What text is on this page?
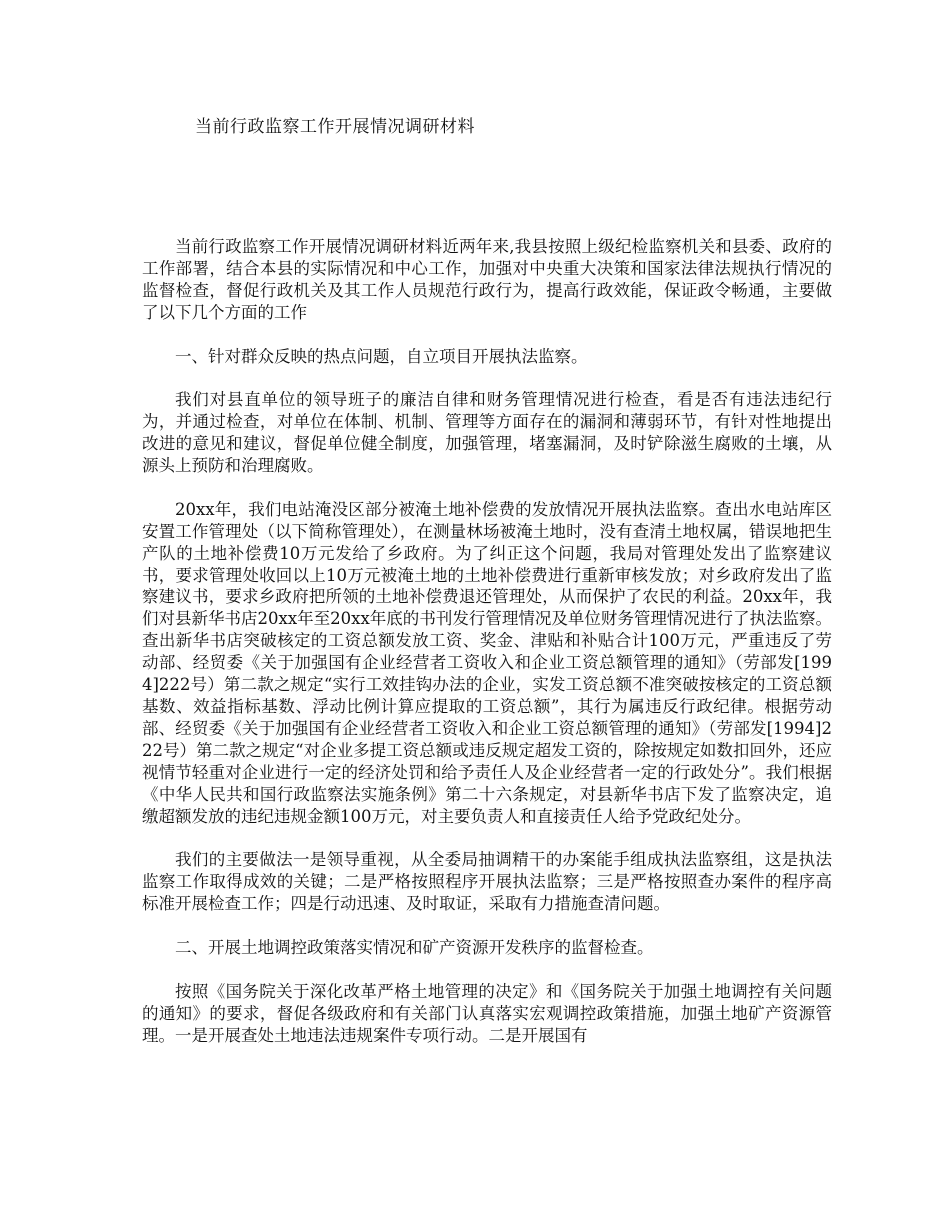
当前行政监察工作开展情况调研材料

当前行政监察工作开展情况调研材料近两年来,我县按照上级纪检监察机关和县委、政府的工作部署，结合本县的实际情况和中心工作，加强对中央重大决策和国家法律法规执行情况的监督检查，督促行政机关及其工作人员规范行政行为，提高行政效能，保证政令畅通，主要做了以下几个方面的工作

一、针对群众反映的热点问题，自立项目开展执法监察。

我们对县直单位的领导班子的廉洁自律和财务管理情况进行检查，看是否有违法违纪行为，并通过检查，对单位在体制、机制、管理等方面存在的漏洞和薄弱环节，有针对性地提出改进的意见和建议，督促单位健全制度，加强管理，堵塞漏洞，及时铲除滋生腐败的土壤，从源头上预防和治理腐败。

20xx年，我们电站淹没区部分被淹土地补偿费的发放情况开展执法监察。查出水电站库区安置工作管理处（以下简称管理处），在测量林场被淹土地时，没有查清土地权属，错误地把生产队的土地补偿费10万元发给了乡政府。为了纠正这个问题，我局对管理处发出了监察建议书，要求管理处收回以上10万元被淹土地的土地补偿费进行重新审核发放；对乡政府发出了监察建议书，要求乡政府把所领的土地补偿费退还管理处，从而保护了农民的利益。20xx年，我们对县新华书店20xx年至20xx年底的书刊发行管理情况及单位财务管理情况进行了执法监察。查出新华书店突破核定的工资总额发放工资、奖金、津贴和补贴合计100万元，严重违反了劳动部、经贸委《关于加强国有企业经营者工资收入和企业工资总额管理的通知》（劳部发[1994]222号）第二款之规定“实行工效挂钩办法的企业，实发工资总额不准突破按核定的工资总额基数、效益指标基数、浮动比例计算应提取的工资总额”，其行为属违反行政纪律。根据劳动部、经贸委《关于加强国有企业经营者工资收入和企业工资总额管理的通知》（劳部发[1994]222号）第二款之规定“对企业多提工资总额或违反规定超发工资的，除按规定如数扣回外，还应视情节轻重对企业进行一定的经济处罚和给予责任人及企业经营者一定的行政处分”。我们根据《中华人民共和国行政监察法实施条例》第二十六条规定，对县新华书店下发了监察决定，追缴超额发放的违纪违规金额100万元，对主要负责人和直接责任人给予党政纪处分。

我们的主要做法一是领导重视，从全委局抽调精干的办案能手组成执法监察组，这是执法监察工作取得成效的关键；二是严格按照程序开展执法监察；三是严格按照查办案件的程序高标准开展检查工作；四是行动迅速、及时取证，采取有力措施查清问题。

二、开展土地调控政策落实情况和矿产资源开发秩序的监督检查。

按照《国务院关于深化改革严格土地管理的决定》和《国务院关于加强土地调控有关问题的通知》的要求，督促各级政府和有关部门认真落实宏观调控政策措施，加强土地矿产资源管理。一是开展查处土地违法违规案件专项行动。二是开展国有
